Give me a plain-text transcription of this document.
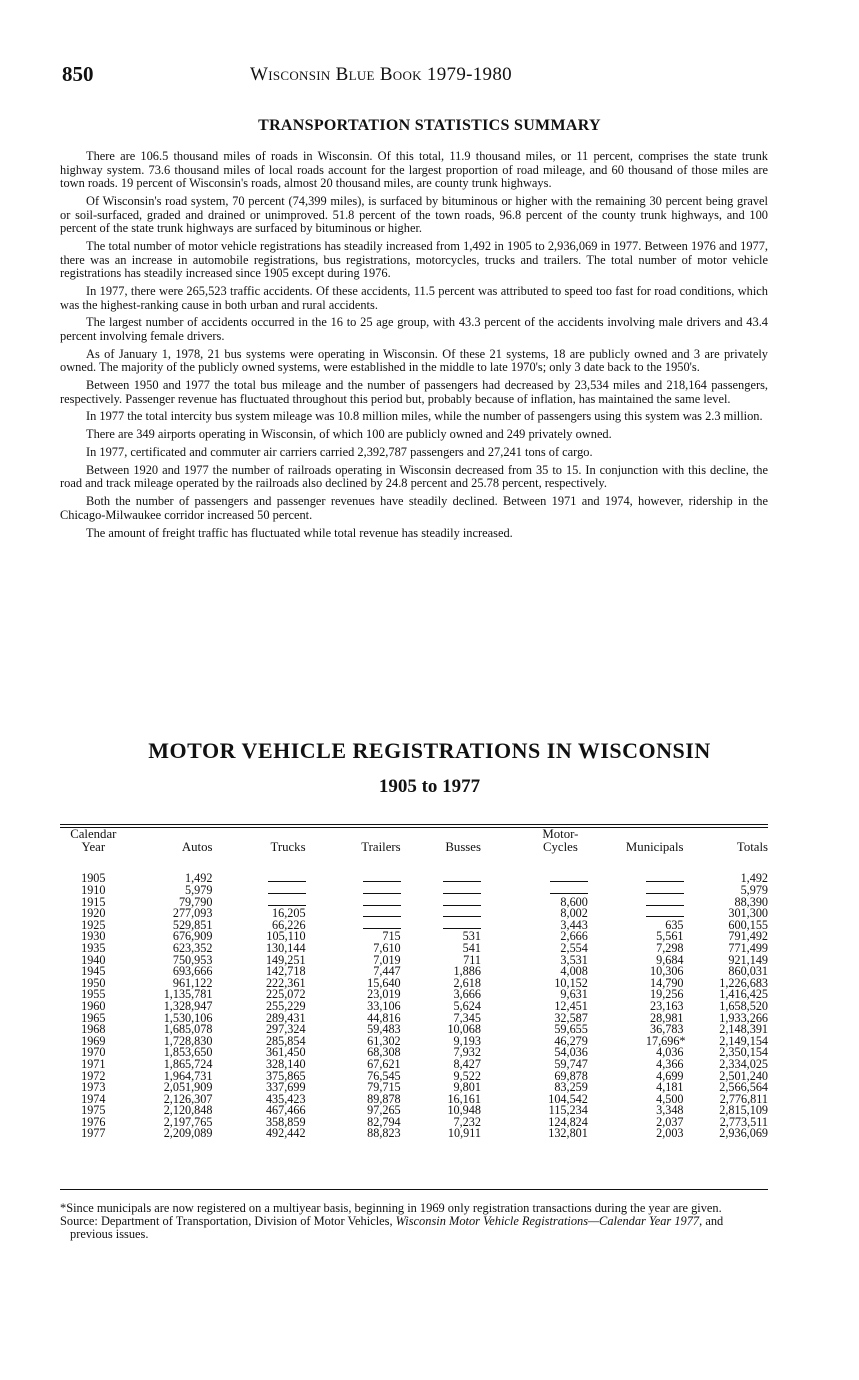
850	Wisconsin Blue Book 1979-1980
TRANSPORTATION STATISTICS SUMMARY

There are 106.5 thousand miles of roads in Wisconsin. Of this total, 11.9 thousand miles, or 11 percent, comprises the state trunk highway system. 73.6 thousand miles of local roads account for the largest proportion of road mileage, and 60 thousand of those miles are town roads. 19 percent of Wisconsin's roads, almost 20 thousand miles, are county trunk highways.

Of Wisconsin's road system, 70 percent (74,399 miles), is surfaced by bituminous or higher with the remaining 30 percent being gravel or soil-surfaced, graded and drained or unimproved. 51.8 percent of the town roads, 96.8 percent of the county trunk highways, and 100 percent of the state trunk highways are surfaced by bituminous or higher.

The total number of motor vehicle registrations has steadily increased from 1,492 in 1905 to 2,936,069 in 1977. Between 1976 and 1977, there was an increase in automobile registrations, bus registrations, motorcycles, trucks and trailers. The total number of motor vehicle registrations has steadily increased since 1905 except during 1976.

In 1977, there were 265,523 traffic accidents. Of these accidents, 11.5 percent was attributed to speed too fast for road conditions, which was the highest-ranking cause in both urban and rural accidents.

The largest number of accidents occurred in the 16 to 25 age group, with 43.3 percent of the accidents involving male drivers and 43.4 percent involving female drivers.

As of January 1, 1978, 21 bus systems were operating in Wisconsin. Of these 21 systems, 18 are publicly owned and 3 are privately owned. The majority of the publicly owned systems, were established in the middle to late 1970's; only 3 date back to the 1950's.

Between 1950 and 1977 the total bus mileage and the number of passengers had decreased by 23,534 miles and 218,164 passengers, respectively. Passenger revenue has fluctuated throughout this period but, probably because of inflation, has maintained the same level.

In 1977 the total intercity bus system mileage was 10.8 million miles, while the number of passengers using this system was 2.3 million.

There are 349 airports operating in Wisconsin, of which 100 are publicly owned and 249 privately owned.

In 1977, certificated and commuter air carriers carried 2,392,787 passengers and 27,241 tons of cargo.

Between 1920 and 1977 the number of railroads operating in Wisconsin decreased from 35 to 15. In conjunction with this decline, the road and track mileage operated by the railroads also declined by 24.8 percent and 25.78 percent, respectively.

Both the number of passengers and passenger revenues have steadily declined. Between 1971 and 1974, however, ridership in the Chicago-Milwaukee corridor increased 50 percent.

The amount of freight traffic has fluctuated while total revenue has steadily increased.

MOTOR VEHICLE REGISTRATIONS IN WISCONSIN
1905 to 1977
Calendar
Year	Autos	Trucks	Trailers	Busses	Motor-
Cycles	Municipals	Totals
1905	1,492						1,492
1910	5,979						5,979
1915	79,790				8,600		88,390
1920	277,093	16,205			8,002		301,300
1925	529,851	66,226			3,443	635	600,155
1930	676,909	105,110	715	531	2,666	5,561	791,492
1935	623,352	130,144	7,610	541	2,554	7,298	771,499
1940	750,953	149,251	7,019	711	3,531	9,684	921,149
1945	693,666	142,718	7,447	1,886	4,008	10,306	860,031
1950	961,122	222,361	15,640	2,618	10,152	14,790	1,226,683
1955	1,135,781	225,072	23,019	3,666	9,631	19,256	1,416,425
1960	1,328,947	255,229	33,106	5,624	12,451	23,163	1,658,520
1965	1,530,106	289,431	44,816	7,345	32,587	28,981	1,933,266
1968	1,685,078	297,324	59,483	10,068	59,655	36,783	2,148,391
1969	1,728,830	285,854	61,302	9,193	46,279	17,696*	2,149,154
1970	1,853,650	361,450	68,308	7,932	54,036	4,036	2,350,154
1971	1,865,724	328,140	67,621	8,427	59,747	4,366	2,334,025
1972	1,964,731	375,865	76,545	9,522	69,878	4,699	2,501,240
1973	2,051,909	337,699	79,715	9,801	83,259	4,181	2,566,564
1974	2,126,307	435,423	89,878	16,161	104,542	4,500	2,776,811
1975	2,120,848	467,466	97,265	10,948	115,234	3,348	2,815,109
1976	2,197,765	358,859	82,794	7,232	124,824	2,037	2,773,511
1977	2,209,089	492,442	88,823	10,911	132,801	2,003	2,936,069

*Since municipals are now registered on a multiyear basis, beginning in 1969 only registration transactions during the year are given.

Source: Department of Transportation, Division of Motor Vehicles, Wisconsin Motor Vehicle Registrations—Calendar Year 1977, and previous issues.
